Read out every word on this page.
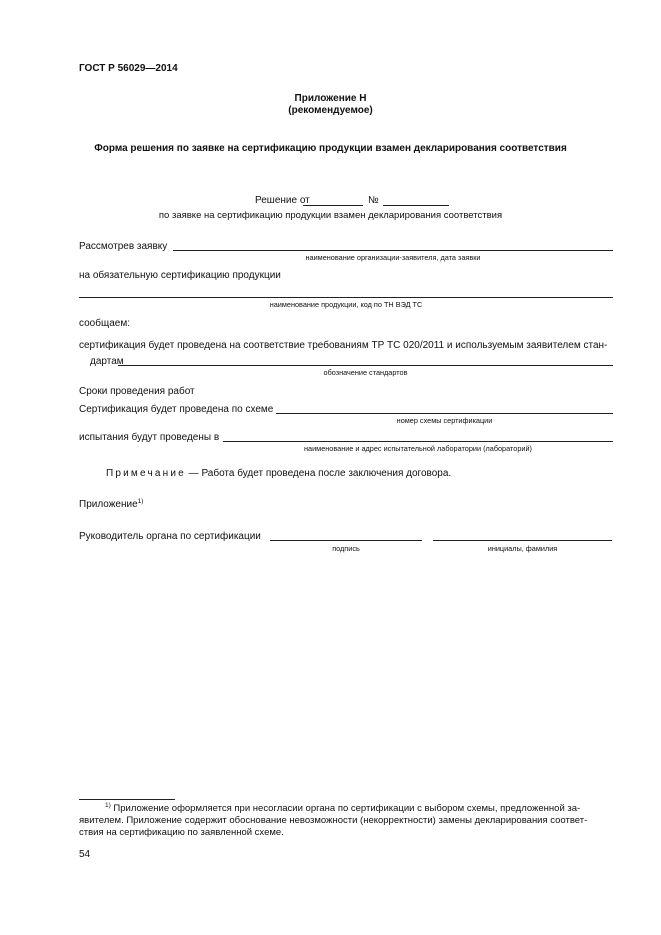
ГОСТ Р 56029—2014
Приложение Н
(рекомендуемое)
Форма решения по заявке на сертификацию продукции взамен декларирования соответствия
Решение от	№
по заявке на сертификацию продукции взамен декларирования соответствия
Рассмотрев заявку
наименование организации-заявителя, дата заявки
на обязательную сертификацию продукции
наименование продукции, код по ТН ВЭД ТС
сообщаем:
сертификация будет проведена на соответствие требованиям ТР ТС 020/2011 и используемым заявителем стан-
дартам
обозначение стандартов
Сроки проведения работ
Сертификация будет проведена по схеме
номер схемы сертификации
испытания будут проведены в
наименование и адрес испытательной лаборатории (лабораторий)
Примечание — Работа будет проведена после заключения договора.
Приложение$^{1)}$
Руководитель органа по сертификации
подпись	инициалы, фамилия
$^{1)}$ Приложение оформляется при несогласии органа по сертификации с выбором схемы, предложенной за-
явителем. Приложение содержит обоснование невозможности (некорректности) замены декларирования соответ-
ствия на сертификацию по заявленной схеме.
54
